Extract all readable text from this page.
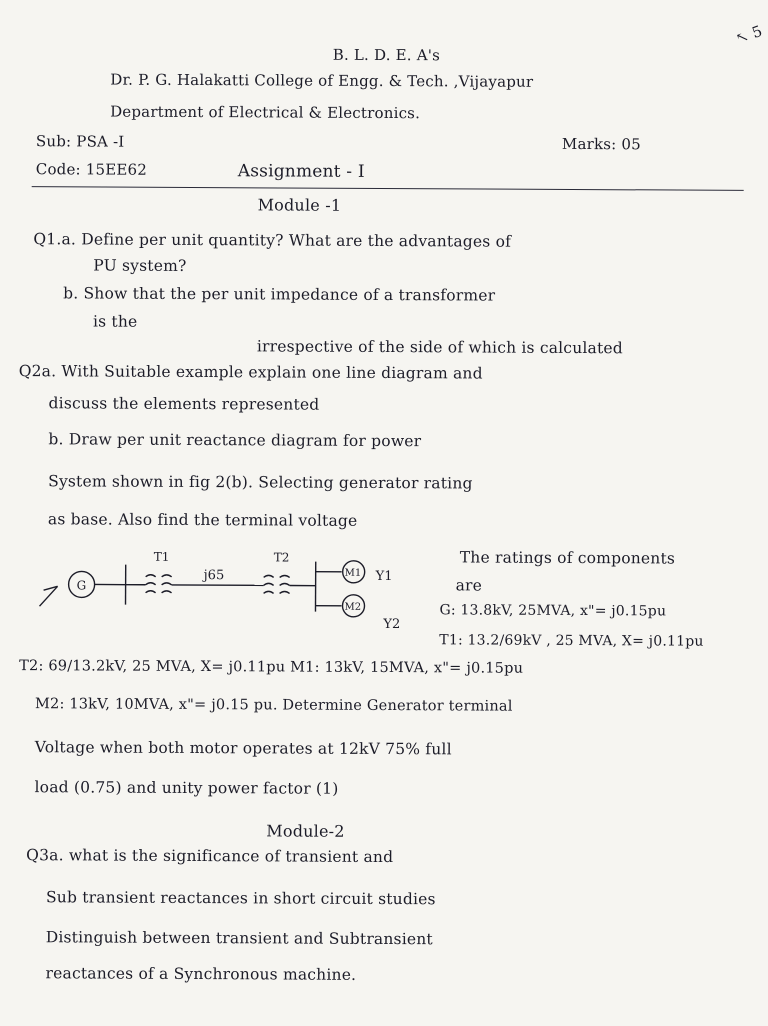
B. L. D. E. A's
Dr. P. G. Halakatti College of Engg. & Tech. ,Vijayapur
Department of Electrical & Electronics.
Sub: PSA -I	Marks: 05
Code: 15EE62
↖ 5
Assignment - I
Module -1
Q1.a. Define per unit quantity? What are the advantages of
PU system?
b. Show that the per unit impedance of a transformer
is the
irrespective of the side of which is calculated
Q2a. With Suitable example explain one line diagram and
discuss the elements represented
b. Draw per unit reactance diagram for power
System shown in fig 2(b). Selecting generator rating
as base. Also find the terminal voltage
G
T1	T2
j65	M1
M2
Y1
Y2
The ratings of components
are
G: 13.8kV, 25MVA, x"= j0.15pu
T1: 13.2/69kV , 25 MVA, X= j0.11pu
T2: 69/13.2kV, 25 MVA, X= j0.11pu M1: 13kV, 15MVA, x"= j0.15pu
M2: 13kV, 10MVA, x"= j0.15 pu. Determine Generator terminal
Voltage when both motor operates at 12kV 75% full
load (0.75) and unity power factor (1)
Module-2
Q3a. what is the significance of transient and
Sub transient reactances in short circuit studies
Distinguish between transient and Subtransient
reactances of a Synchronous machine.
